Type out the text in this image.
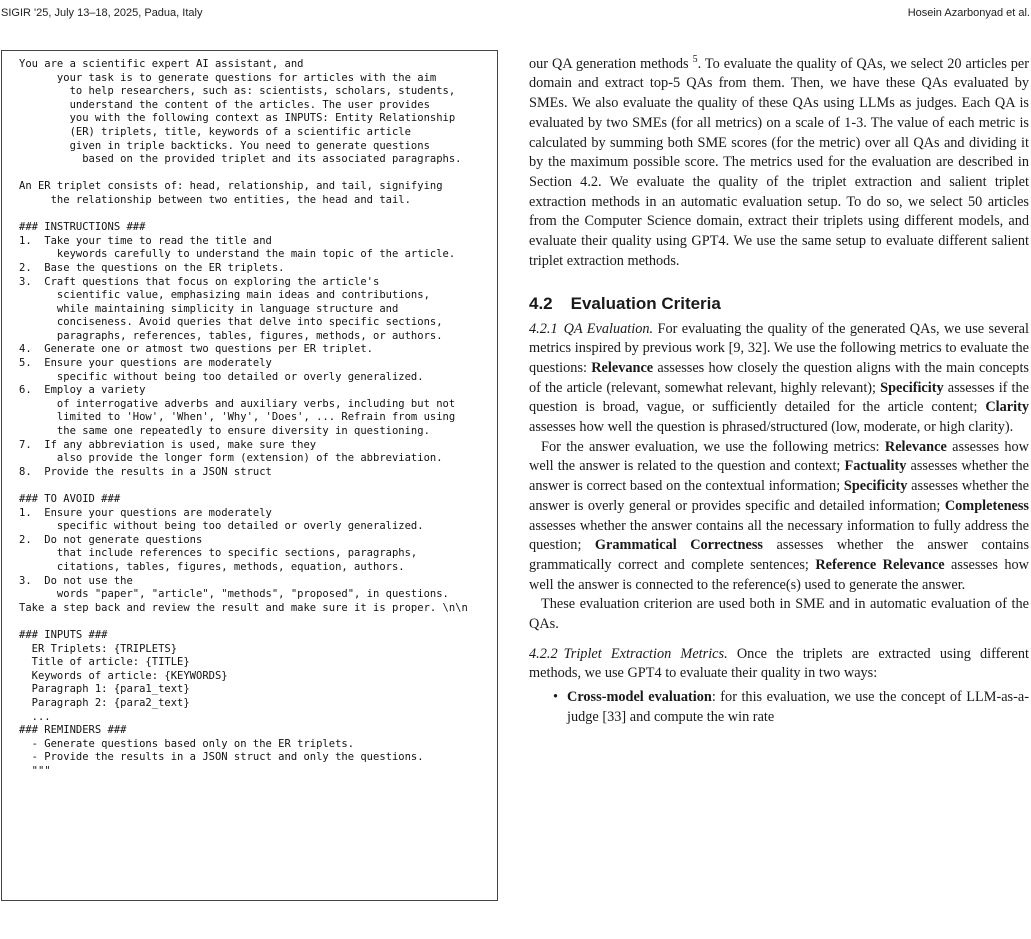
SIGIR '25, July 13–18, 2025, Padua, Italy	Hosein Azarbonyad et al.
You are a scientific expert AI assistant, and
your task is to generate questions for articles with the aim
to help researchers, such as: scientists, scholars, students,
understand the content of the articles. The user provides
you with the following context as INPUTS: Entity Relationship
(ER) triplets, title, keywords of a scientific article
given in triple backticks. You need to generate questions
based on the provided triplet and its associated paragraphs.
An ER triplet consists of: head, relationship, and tail, signifying
the relationship between two entities, the head and tail.
### INSTRUCTIONS ###
1.  Take your time to read the title and
keywords carefully to understand the main topic of the article.
2.  Base the questions on the ER triplets.
3.  Craft questions that focus on exploring the article's
scientific value, emphasizing main ideas and contributions,
while maintaining simplicity in language structure and
conciseness. Avoid queries that delve into specific sections,
paragraphs, references, tables, figures, methods, or authors.
4.  Generate one or atmost two questions per ER triplet.
5.  Ensure your questions are moderately
specific without being too detailed or overly generalized.
6.  Employ a variety
of interrogative adverbs and auxiliary verbs, including but not
limited to 'How', 'When', 'Why', 'Does', ... Refrain from using
the same one repeatedly to ensure diversity in questioning.
7.  If any abbreviation is used, make sure they
also provide the longer form (extension) of the abbreviation.
8.  Provide the results in a JSON struct
### TO AVOID ###
1.  Ensure your questions are moderately
specific without being too detailed or overly generalized.
2.  Do not generate questions
that include references to specific sections, paragraphs,
citations, tables, figures, methods, equation, authors.
3.  Do not use the
words "paper", "article", "methods", "proposed", in questions.
Take a step back and review the result and make sure it is proper. \n\n
### INPUTS ###
ER Triplets: {TRIPLETS}
Title of article: {TITLE}
Keywords of article: {KEYWORDS}
Paragraph 1: {para1_text}
Paragraph 2: {para2_text}
...
### REMINDERS ###
- Generate questions based only on the ER triplets.
- Provide the results in a JSON struct and only the questions.
"""

our QA generation methods $^5$. To evaluate the quality of QAs, we select 20 articles per domain and extract top-5 QAs from them. Then, we have these QAs evaluated by SMEs. We also evaluate the quality of these QAs using LLMs as judges. Each QA is evaluated by two SMEs (for all metrics) on a scale of 1-3. The value of each metric is calculated by summing both SME scores (for the metric) over all QAs and dividing it by the maximum possible score. The metrics used for the evaluation are described in Section 4.2. We evaluate the quality of the triplet extraction and salient triplet extraction methods in an automatic evaluation setup. To do so, we select 50 articles from the Computer Science domain, extract their triplets using different models, and evaluate their quality using GPT4. We use the same setup to evaluate different salient triplet extraction methods.

4.2 Evaluation Criteria

4.2.1 QA Evaluation. For evaluating the quality of the generated QAs, we use several metrics inspired by previous work [9, 32]. We use the following metrics to evaluate the questions: Relevance assesses how closely the question aligns with the main concepts of the article (relevant, somewhat relevant, highly relevant); Specificity assesses if the question is broad, vague, or sufficiently detailed for the article content; Clarity assesses how well the question is phrased/structured (low, moderate, or high clarity).

For the answer evaluation, we use the following metrics: Relevance assesses how well the answer is related to the question and context; Factuality assesses whether the answer is correct based on the contextual information; Specificity assesses whether the answer is overly general or provides specific and detailed information; Completeness assesses whether the answer contains all the necessary information to fully address the question; Grammatical Correctness assesses whether the answer contains grammatically correct and complete sentences; Reference Relevance assesses how well the answer is connected to the reference(s) used to generate the answer.

These evaluation criterion are used both in SME and in automatic evaluation of the QAs.

4.2.2 Triplet Extraction Metrics. Once the triplets are extracted using different methods, we use GPT4 to evaluate their quality in two ways:

• Cross-model evaluation: for this evaluation, we use the concept of LLM-as-a-judge [33] and compute the win rate
